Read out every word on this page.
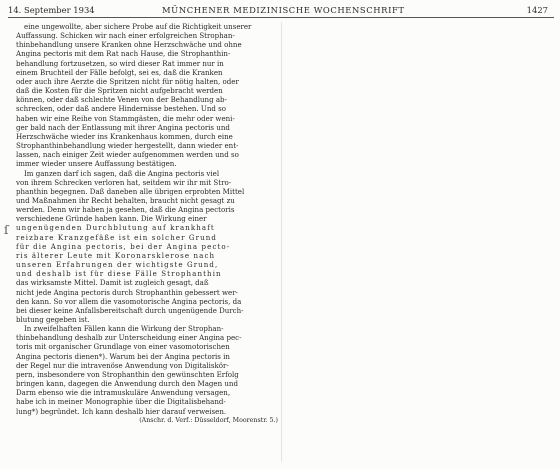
14. September 1934	MÜNCHENER MEDIZINISCHE WOCHENSCHRIFT	1427
ſ

eine ungewollte, aber sichere Probe auf die Richtigkeit unserer
Auffassung. Schicken wir nach einer erfolgreichen Strophan-
thinbehandlung unsere Kranken ohne Herzschwäche und ohne
Angina pectoris mit dem Rat nach Hause, die Strophanthin-
behandlung fortzusetzen, so wird dieser Rat immer nur in
einem Bruchteil der Fälle befolgt, sei es, daß die Kranken
oder auch ihre Aerzte die Spritzen nicht für nötig halten, oder
daß die Kosten für die Spritzen nicht aufgebracht werden
können, oder daß schlechte Venen von der Behandlung ab-
schrecken, oder daß andere Hindernisse bestehen. Und so
haben wir eine Reihe von Stammgästen, die mehr oder weni-
ger bald nach der Entlassung mit ihrer Angina pectoris und
Herzschwäche wieder ins Krankenhaus kommen, durch eine
Strophanthinbehandlung wieder hergestellt, dann wieder ent-
lassen, nach einiger Zeit wieder aufgenommen werden und so
immer wieder unsere Auffassung bestätigen.

Im ganzen darf ich sagen, daß die Angina pectoris viel
von ihrem Schrecken verloren hat, seitdem wir ihr mit Stro-
phanthin begegnen. Daß daneben alle übrigen erprobten Mittel
und Maßnahmen ihr Recht behalten, braucht nicht gesagt zu
werden. Denn wir haben ja gesehen, daß die Angina pectoris
verschiedene Gründe haben kann. Die Wirkung einer
ungenügenden Durchblutung auf krankhaft
reizbare Kranzgefäße ist ein solcher Grund
für die Angina pectoris, bei der Angina pecto-
ris älterer Leute mit Koronarsklerose nach
unseren Erfahrungen der wichtigste Grund,
und deshalb ist für diese Fälle Strophanthin
das wirksamste Mittel. Damit ist zugleich gesagt, daß
nicht jede Angina pectoris durch Strophanthin gebessert wer-
den kann. So vor allem die vasomotorische Angina pectoris, da
bei dieser keine Anfallsbereitschaft durch ungenügende Durch-
blutung gegeben ist.

In zweifelhaften Fällen kann die Wirkung der Strophan-
thinbehandlung deshalb zur Unterscheidung einer Angina pec-
toris mit organischer Grundlage von einer vasomotorischen
Angina pectoris dienen*). Warum bei der Angina pectoris in
der Regel nur die intravenöse Anwendung von Digitaliskör-
pern, insbesondere von Strophanthin den gewünschten Erfolg
bringen kann, dagegen die Anwendung durch den Magen und
Darm ebenso wie die intramuskuläre Anwendung versagen,
habe ich in meiner Monographie über die Digitalisbehand-
lung*) begründet. Ich kann deshalb hier darauf verweisen.

(Anschr. d. Verf.: Düsseldorf, Moorenstr. 5.)
